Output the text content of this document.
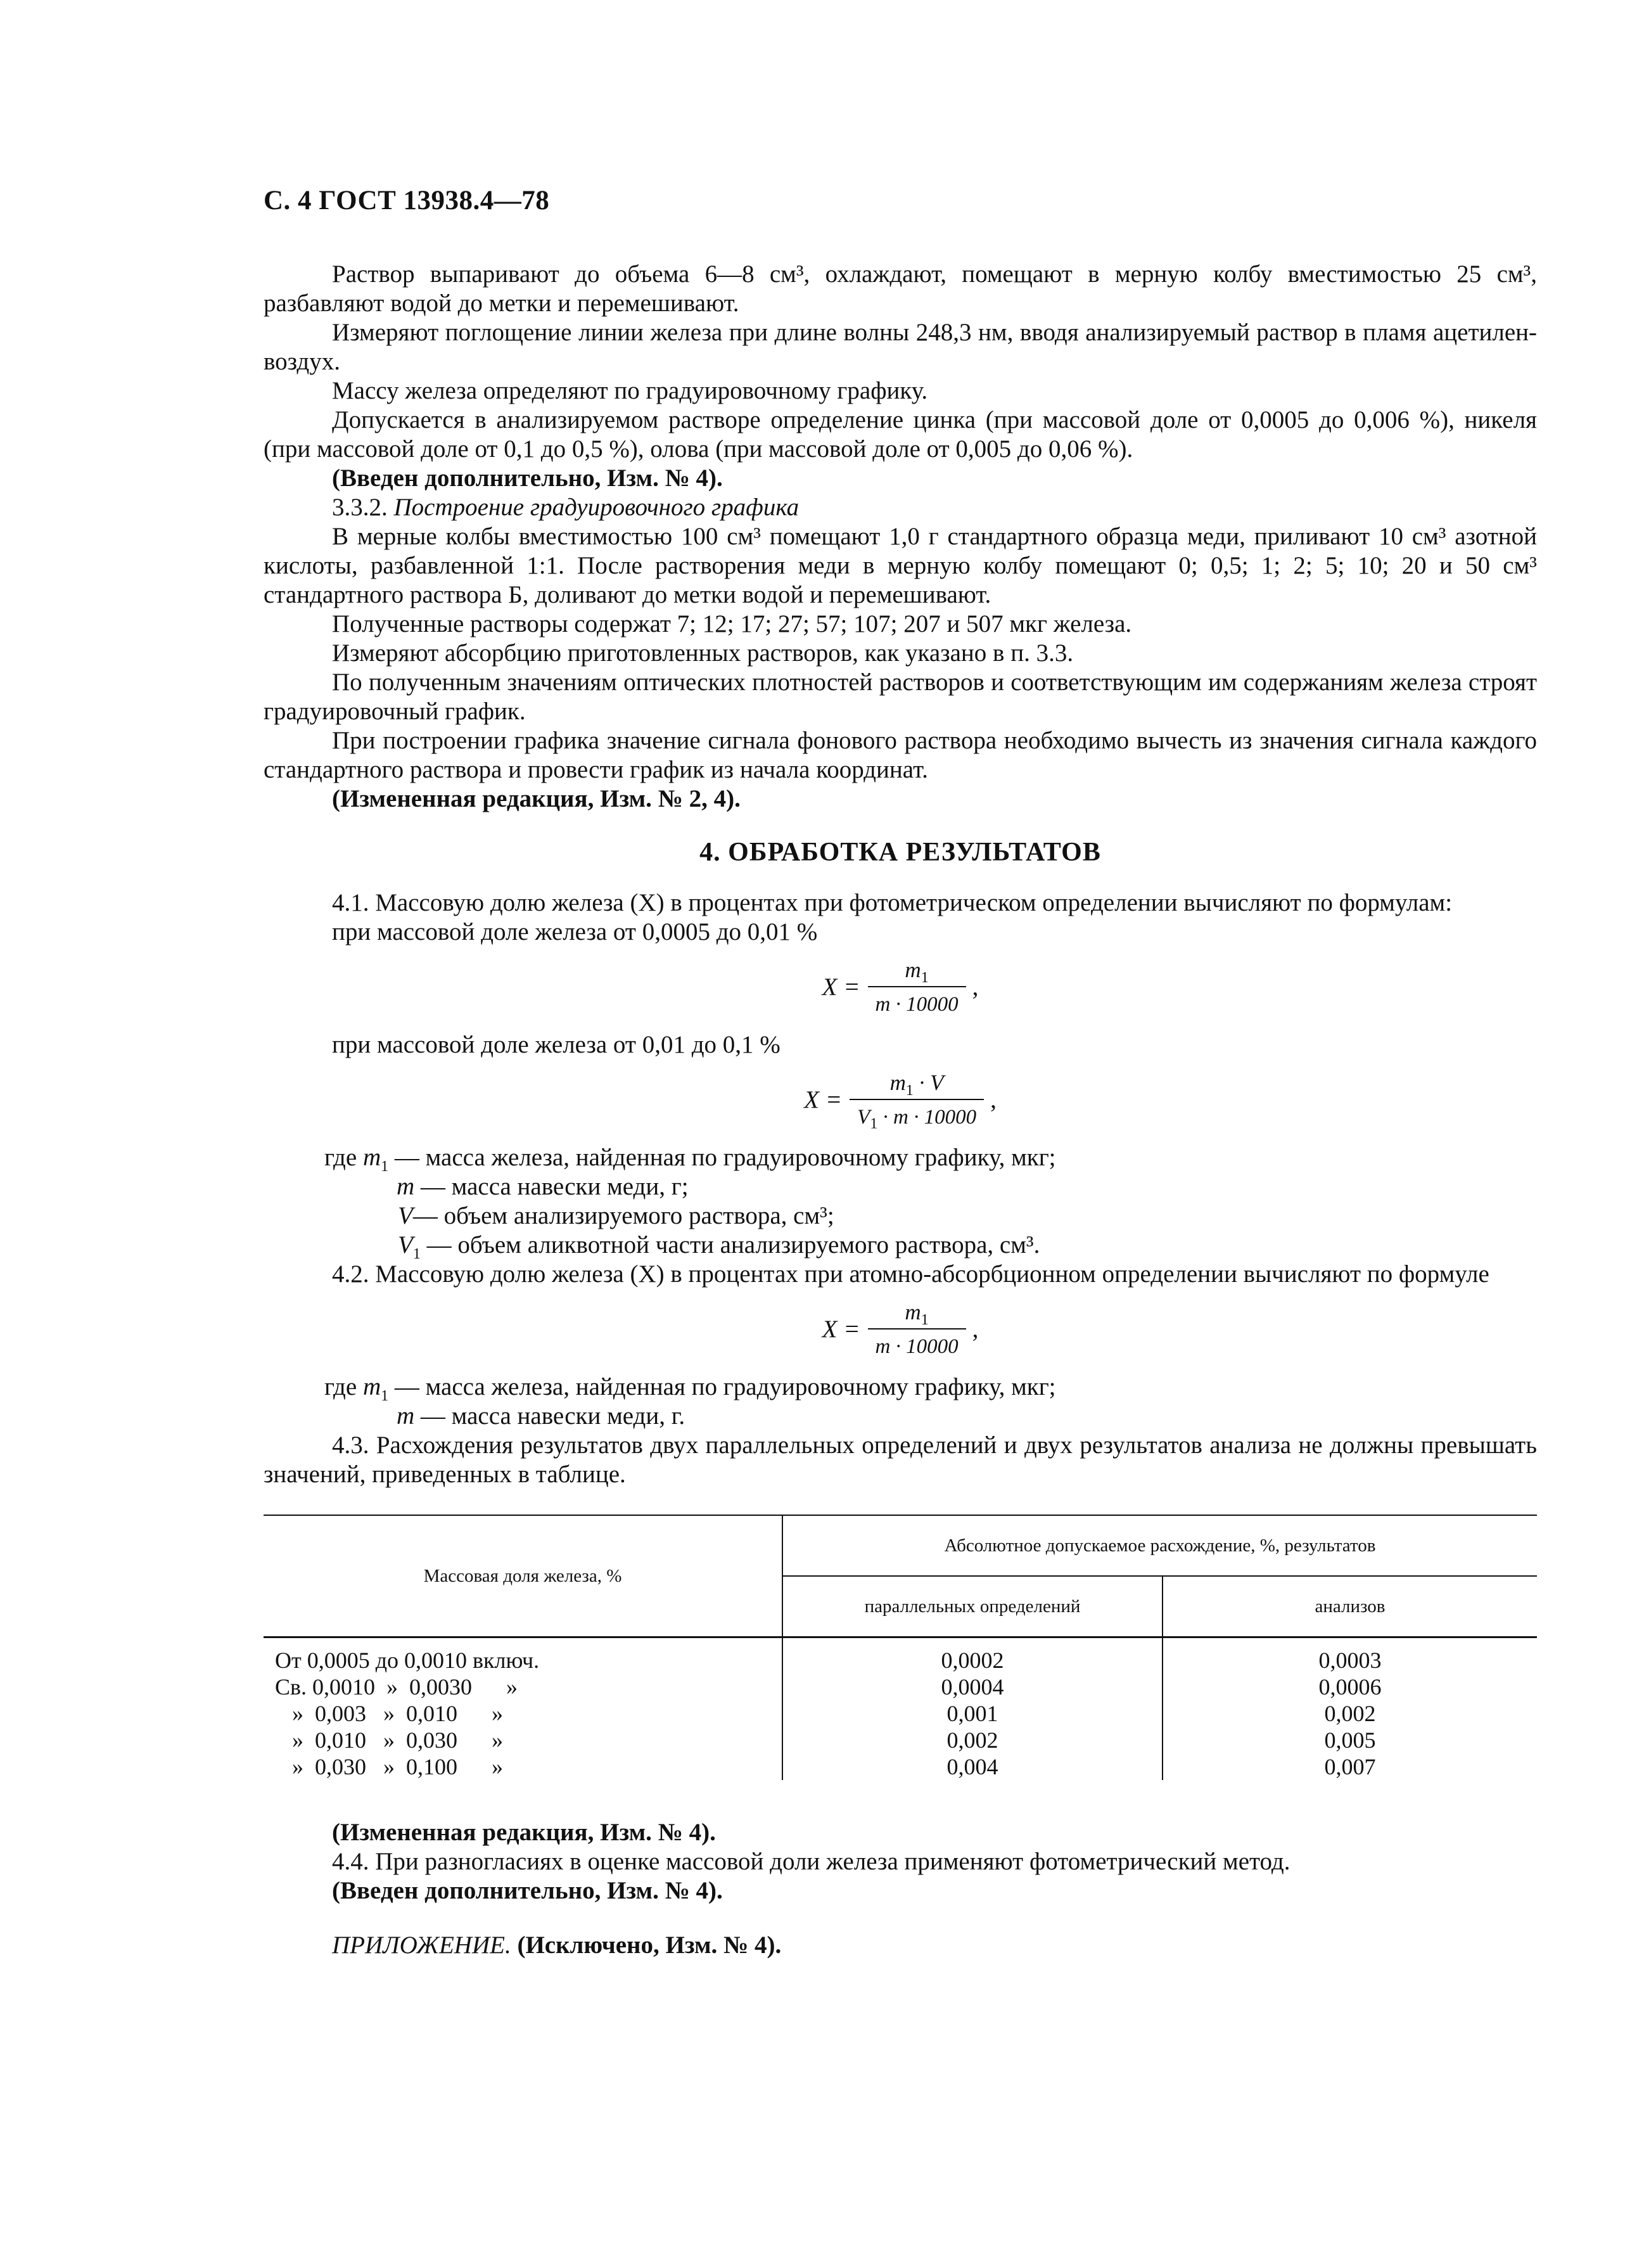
С. 4 ГОСТ 13938.4—78

Раствор выпаривают до объема 6—8 см³, охлаждают, помещают в мерную колбу вместимостью 25 см³, разбавляют водой до метки и перемешивают.

Измеряют поглощение линии железа при длине волны 248,3 нм, вводя анализируемый раствор в пламя ацетилен-воздух.

Массу железа определяют по градуировочному графику.

Допускается в анализируемом растворе определение цинка (при массовой доле от 0,0005 до 0,006 %), никеля (при массовой доле от 0,1 до 0,5 %), олова (при массовой доле от 0,005 до 0,06 %).

(Введен дополнительно, Изм. № 4).

3.3.2. Построение градуировочного графика

В мерные колбы вместимостью 100 см³ помещают 1,0 г стандартного образца меди, приливают 10 см³ азотной кислоты, разбавленной 1:1. После растворения меди в мерную колбу помещают 0; 0,5; 1; 2; 5; 10; 20 и 50 см³ стандартного раствора Б, доливают до метки водой и перемешивают.

Полученные растворы содержат 7; 12; 17; 27; 57; 107; 207 и 507 мкг железа.

Измеряют абсорбцию приготовленных растворов, как указано в п. 3.3.

По полученным значениям оптических плотностей растворов и соответствующим им содержаниям железа строят градуировочный график.

При построении графика значение сигнала фонового раствора необходимо вычесть из значения сигнала каждого стандартного раствора и провести график из начала координат.

(Измененная редакция, Изм. № 2, 4).

4. ОБРАБОТКА РЕЗУЛЬТАТОВ

4.1. Массовую долю железа (X) в процентах при фотометрическом определении вычисляют по формулам:

при массовой доле железа от 0,0005 до 0,01 %

$X = \frac{m_1}{m \cdot 10000}$ ,

при массовой доле железа от 0,01 до 0,1 %

$X = \frac{m_1 \cdot V}{V_1 \cdot m \cdot 10000}$ ,

где $m_1$ — масса железа, найденная по градуировочному графику, мкг;

m — масса навески меди, г;

V— объем анализируемого раствора, см³;

$V_1$ — объем аликвотной части анализируемого раствора, см³.

4.2. Массовую долю железа (X) в процентах при атомно-абсорбционном определении вычисляют по формуле

$X = \frac{m_1}{m \cdot 10000}$ ,

где $m_1$ — масса железа, найденная по градуировочному графику, мкг;

m — масса навески меди, г.

4.3. Расхождения результатов двух параллельных определений и двух результатов анализа не должны превышать значений, приведенных в таблице.

Массовая доля железа, %	Абсолютное допускаемое расхождение, %, результатов	
	параллельных определений	анализов
От 0,0005 до 0,0010 включ.	0,0002	0,0003
Св. 0,0010  »  0,0030      »	0,0004	0,0006
»  0,003   »  0,010      »	0,001	0,002
»  0,010   »  0,030      »	0,002	0,005
»  0,030   »  0,100      »	0,004	0,007

(Измененная редакция, Изм. № 4).

4.4. При разногласиях в оценке массовой доли железа применяют фотометрический метод.

(Введен дополнительно, Изм. № 4).

ПРИЛОЖЕНИЕ. (Исключено, Изм. № 4).
